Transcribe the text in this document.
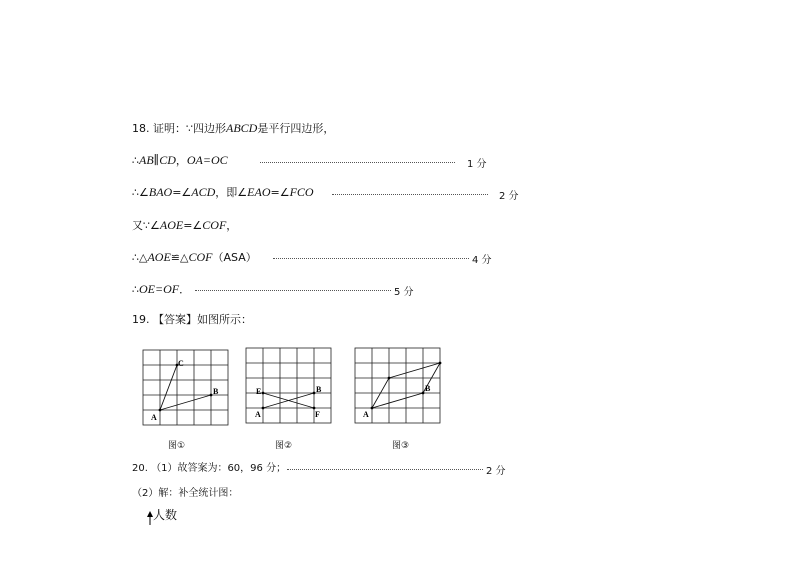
18. 证明：∵四边形ABCD是平行四边形，
∴AB∥CD，OA=OC	1 分
∴∠BAO=∠ACD，即∠EAO=∠FCO	2 分
又∵∠AOE=∠COF，
∴△AOE≌△COF（ASA）	4 分
∴OE=OF．	5 分
19. 【答案】如图所示：
C
B
A
图①
E	B
A	F
图②
B
A
图③
20. （1）故答案为：60，96 分；	2 分
（2）解：补全统计图：
人数
